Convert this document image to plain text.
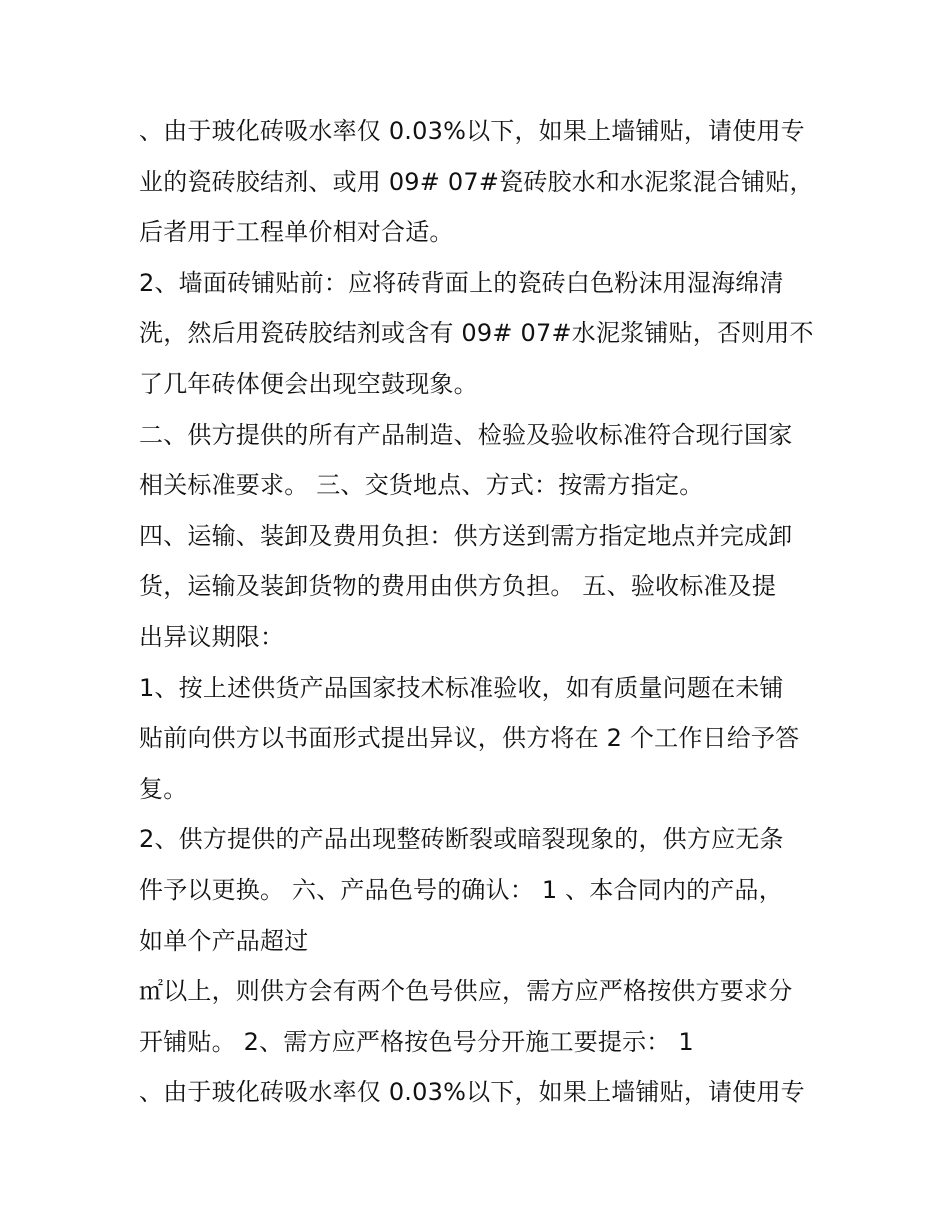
、由于玻化砖吸水率仅 0.03%以下，如果上墙铺贴，请使用专

业的瓷砖胶结剂、或用 09# 07#瓷砖胶水和水泥浆混合铺贴，

后者用于工程单价相对合适。

2、墙面砖铺贴前：应将砖背面上的瓷砖白色粉沫用湿海绵清

洗，然后用瓷砖胶结剂或含有 09# 07#水泥浆铺贴，否则用不

了几年砖体便会出现空鼓现象。

二、供方提供的所有产品制造、检验及验收标准符合现行国家

相关标准要求。 三、交货地点、方式：按需方指定。

四、运输、装卸及费用负担：供方送到需方指定地点并完成卸

货，运输及装卸货物的费用由供方负担。 五、验收标准及提

出异议期限：

1、按上述供货产品国家技术标准验收，如有质量问题在未铺

贴前向供方以书面形式提出异议，供方将在 2 个工作日给予答

复。

2、供方提供的产品出现整砖断裂或暗裂现象的，供方应无条

件予以更换。 六、产品色号的确认： 1 、本合同内的产品，

如单个产品超过

㎡以上，则供方会有两个色号供应，需方应严格按供方要求分

开铺贴。 2、需方应严格按色号分开施工要提示： 1

、由于玻化砖吸水率仅 0.03%以下，如果上墙铺贴，请使用专
